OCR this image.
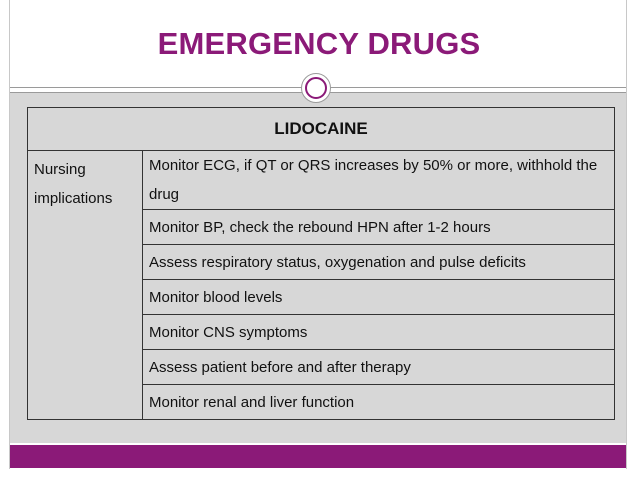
EMERGENCY DRUGS
LIDOCAINE
Nursing implications	Monitor ECG, if QT or QRS increases by 50% or more, withhold the drug
Monitor BP, check the rebound HPN after 1-2 hours
Assess respiratory status, oxygenation and pulse deficits
Monitor blood levels
Monitor CNS symptoms
Assess patient before and after therapy
Monitor renal and liver function
